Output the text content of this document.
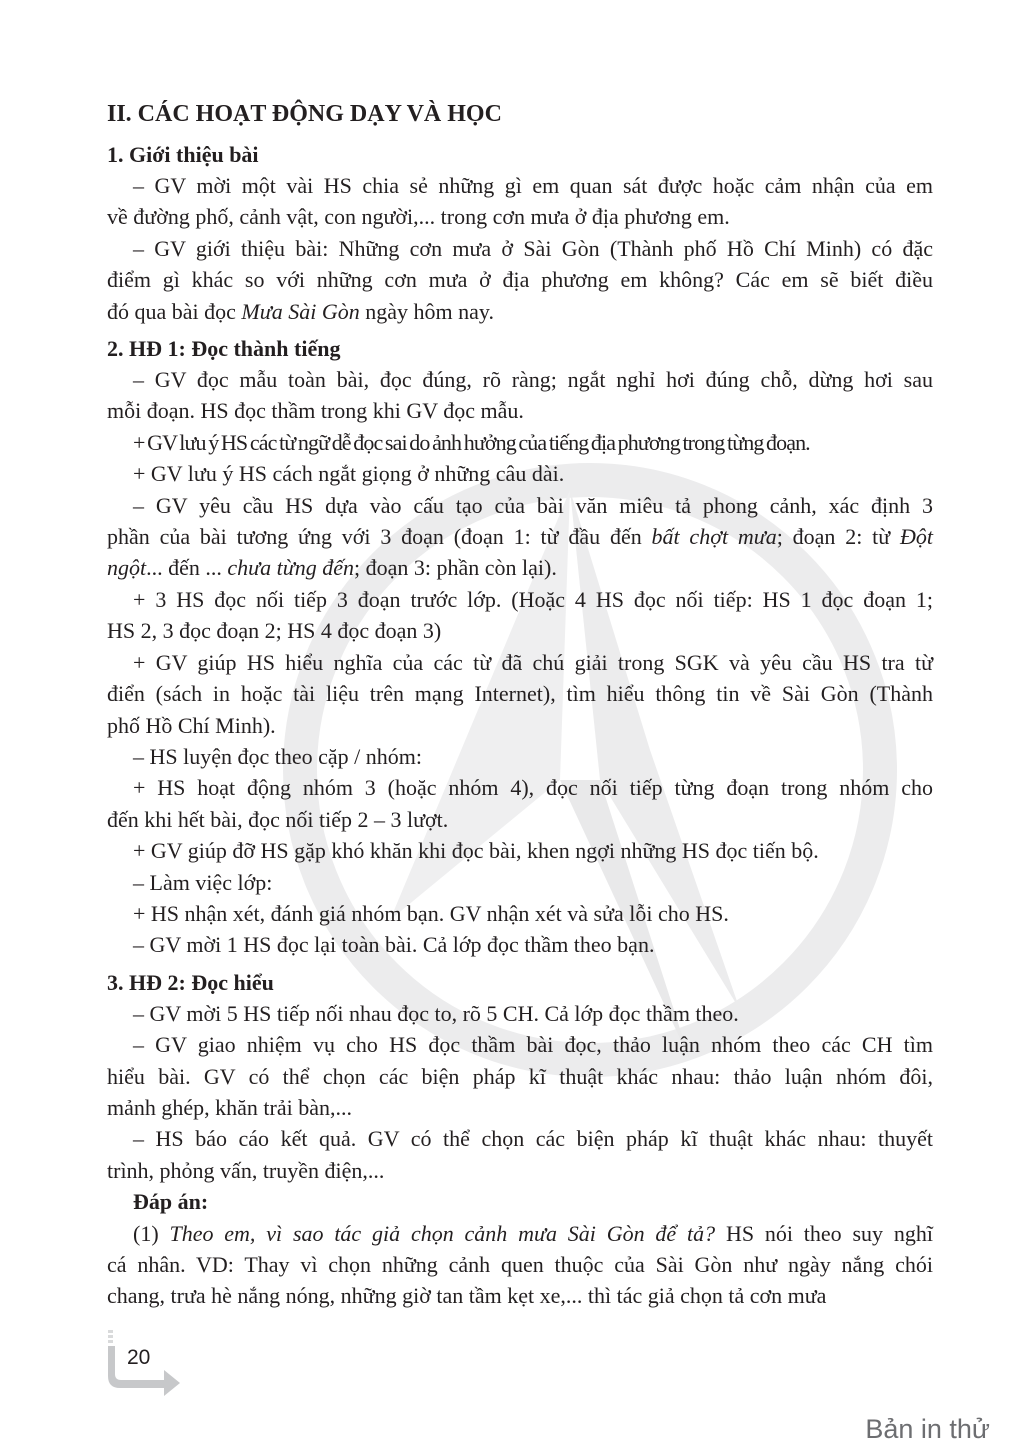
II. CÁC HOẠT ĐỘNG DẠY VÀ HỌC
1. Giới thiệu bài
– GV mời một vài HS chia sẻ những gì em quan sát được hoặc cảm nhận của em
về đường phố, cảnh vật, con người,... trong cơn mưa ở địa phương em.
– GV giới thiệu bài: Những cơn mưa ở Sài Gòn (Thành phố Hồ Chí Minh) có đặc
điểm gì khác so với những cơn mưa ở địa phương em không? Các em sẽ biết điều
đó qua bài đọc Mưa Sài Gòn ngày hôm nay.
2. HĐ 1: Đọc thành tiếng
– GV đọc mẫu toàn bài, đọc đúng, rõ ràng; ngắt nghỉ hơi đúng chỗ, dừng hơi sau
mỗi đoạn. HS đọc thầm trong khi GV đọc mẫu.
+ GV lưu ý HS các từ ngữ dễ đọc sai do ảnh hưởng của tiếng địa phương trong từng đoạn.
+ GV lưu ý HS cách ngắt giọng ở những câu dài.
– GV yêu cầu HS dựa vào cấu tạo của bài văn miêu tả phong cảnh, xác định 3
phần của bài tương ứng với 3 đoạn (đoạn 1: từ đầu đến bất chợt mưa; đoạn 2: từ Đột
ngột... đến ... chưa từng đến; đoạn 3: phần còn lại).
+ 3 HS đọc nối tiếp 3 đoạn trước lớp. (Hoặc 4 HS đọc nối tiếp: HS 1 đọc đoạn 1;
HS 2, 3 đọc đoạn 2; HS 4 đọc đoạn 3)
+ GV giúp HS hiểu nghĩa của các từ đã chú giải trong SGK và yêu cầu HS tra từ
điển (sách in hoặc tài liệu trên mạng Internet), tìm hiểu thông tin về Sài Gòn (Thành
phố Hồ Chí Minh).
– HS luyện đọc theo cặp / nhóm:
+ HS hoạt động nhóm 3 (hoặc nhóm 4), đọc nối tiếp từng đoạn trong nhóm cho
đến khi hết bài, đọc nối tiếp 2 – 3 lượt.
+ GV giúp đỡ HS gặp khó khăn khi đọc bài, khen ngợi những HS đọc tiến bộ.
– Làm việc lớp:
+ HS nhận xét, đánh giá nhóm bạn. GV nhận xét và sửa lỗi cho HS.
– GV mời 1 HS đọc lại toàn bài. Cả lớp đọc thầm theo bạn.
3. HĐ 2: Đọc hiểu
– GV mời 5 HS tiếp nối nhau đọc to, rõ 5 CH. Cả lớp đọc thầm theo.
– GV giao nhiệm vụ cho HS đọc thầm bài đọc, thảo luận nhóm theo các CH tìm
hiểu bài. GV có thể chọn các biện pháp kĩ thuật khác nhau: thảo luận nhóm đôi,
mảnh ghép, khăn trải bàn,...
– HS báo cáo kết quả. GV có thể chọn các biện pháp kĩ thuật khác nhau: thuyết
trình, phỏng vấn, truyền điện,...
Đáp án:
(1) Theo em, vì sao tác giả chọn cảnh mưa Sài Gòn để tả? HS nói theo suy nghĩ
cá nhân. VD: Thay vì chọn những cảnh quen thuộc của Sài Gòn như ngày nắng chói
chang, trưa hè nắng nóng, những giờ tan tầm kẹt xe,... thì tác giả chọn tả cơn mưa
20
Bản in thử
